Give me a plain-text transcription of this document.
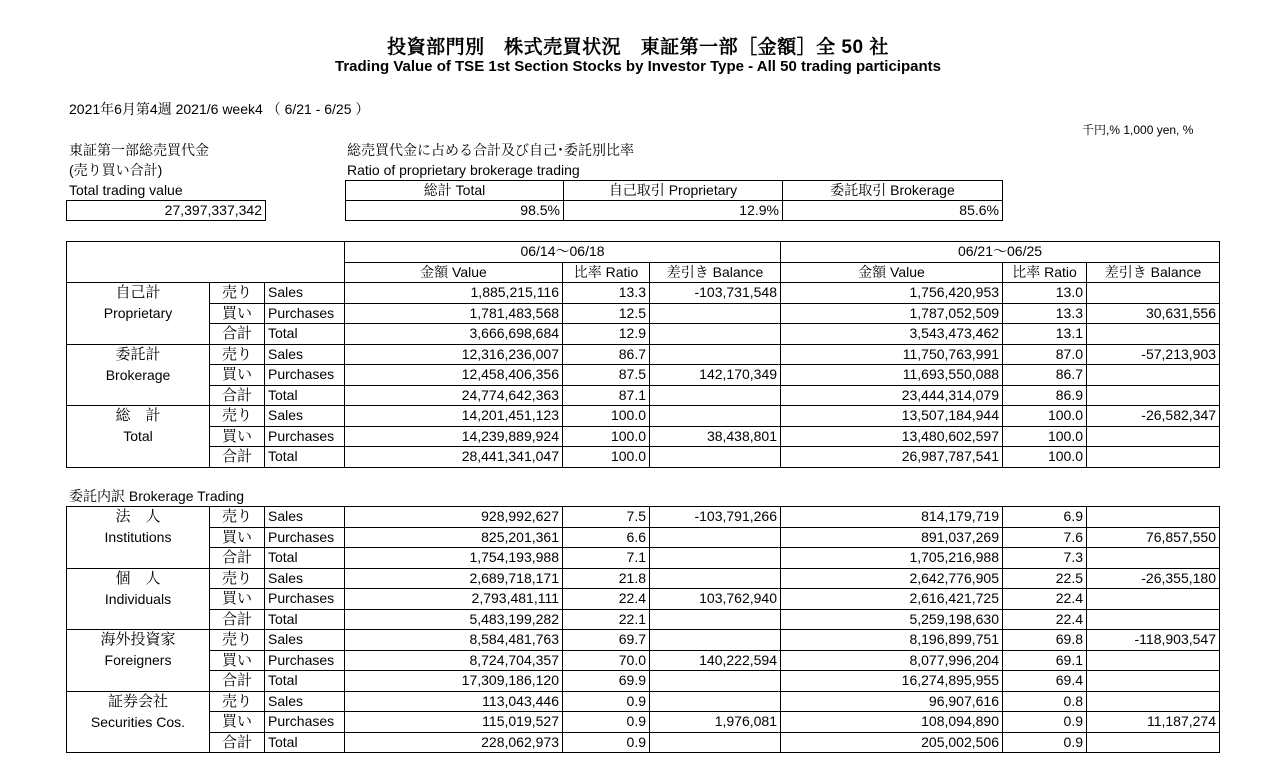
投資部門別　株式売買状況　東証第一部［金額］全 50 社
Trading Value of TSE 1st Section Stocks by Investor Type - All 50 trading participants
2021年6月第4週 2021/6 week4 （ 6/21 - 6/25 ）
千円,% 1,000 yen, %
東証第一部総売買代金
(売り買い合計)
Total trading value
27,397,337,342
総売買代金に占める合計及び自己･委託別比率
Ratio of proprietary brokerage trading
総計 Total	自己取引 Proprietary	委託取引 Brokerage
98.5%	12.9%	85.6%
			06/14～06/18			06/21～06/25		
			金額 Value	比率 Ratio	差引き Balance	金額 Value	比率 Ratio	差引き Balance

自己計
Proprietary	売り	Sales	1,885,215,116	13.3	-103,731,548	1,756,420,953	13.0	
	買い	Purchases	1,781,483,568	12.5		1,787,052,509	13.3	30,631,556
	合計	Total	3,666,698,684	12.9		3,543,473,462	13.1	

委託計
Brokerage	売り	Sales	12,316,236,007	86.7		11,750,763,991	87.0	-57,213,903
	買い	Purchases	12,458,406,356	87.5	142,170,349	11,693,550,088	86.7	
	合計	Total	24,774,642,363	87.1		23,444,314,079	86.9	

総　計
Total	売り	Sales	14,201,451,123	100.0		13,507,184,944	100.0	-26,582,347
	買い	Purchases	14,239,889,924	100.0	38,438,801	13,480,602,597	100.0	
	合計	Total	28,441,341,047	100.0		26,987,787,541	100.0	
委託内訳 Brokerage Trading
法　人
Institutions	売り	Sales	928,992,627	7.5	-103,791,266	814,179,719	6.9	
	買い	Purchases	825,201,361	6.6		891,037,269	7.6	76,857,550
	合計	Total	1,754,193,988	7.1		1,705,216,988	7.3	

個　人
Individuals	売り	Sales	2,689,718,171	21.8		2,642,776,905	22.5	-26,355,180
	買い	Purchases	2,793,481,111	22.4	103,762,940	2,616,421,725	22.4	
	合計	Total	5,483,199,282	22.1		5,259,198,630	22.4	

海外投資家
Foreigners	売り	Sales	8,584,481,763	69.7		8,196,899,751	69.8	-118,903,547
	買い	Purchases	8,724,704,357	70.0	140,222,594	8,077,996,204	69.1	
	合計	Total	17,309,186,120	69.9		16,274,895,955	69.4	

証券会社
Securities Cos.	売り	Sales	113,043,446	0.9		96,907,616	0.8	
	買い	Purchases	115,019,527	0.9	1,976,081	108,094,890	0.9	11,187,274
	合計	Total	228,062,973	0.9		205,002,506	0.9	
